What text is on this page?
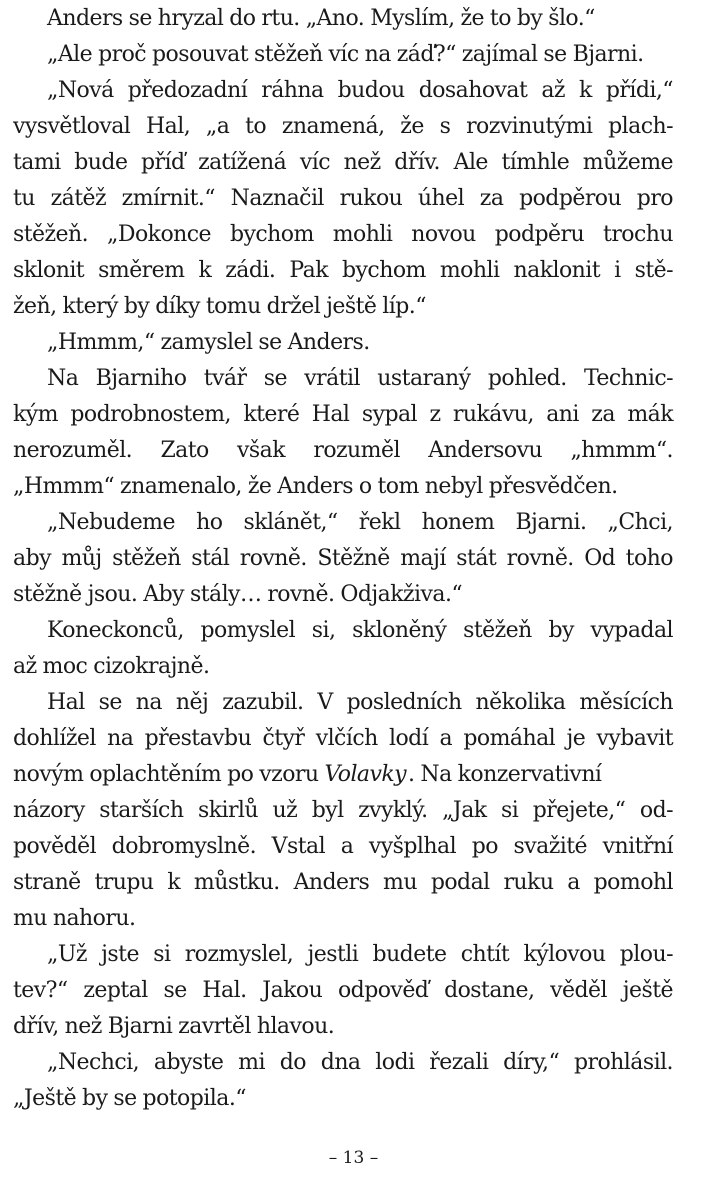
Anders se hryzal do rtu. „Ano. Myslím, že to by šlo.“
„Ale proč posouvat stěžeň víc na záď?“ zajímal se Bjarni.
„Nová předozadní ráhna budou dosahovat až k přídi,“
vysvětloval Hal, „a to znamená, že s rozvinutými plach-
tami bude příď zatížená víc než dřív. Ale tímhle můžeme
tu zátěž zmírnit.“ Naznačil rukou úhel za podpěrou pro
stěžeň. „Dokonce bychom mohli novou podpěru trochu
sklonit směrem k zádi. Pak bychom mohli naklonit i stě-
žeň, který by díky tomu držel ještě líp.“
„Hmmm,“ zamyslel se Anders.
Na Bjarniho tvář se vrátil ustaraný pohled. Technic-
kým podrobnostem, které Hal sypal z rukávu, ani za mák
nerozuměl. Zato však rozuměl Andersovu „hmmm“.
„Hmmm“ znamenalo, že Anders o tom nebyl přesvědčen.
„Nebudeme ho sklánět,“ řekl honem Bjarni. „Chci,
aby můj stěžeň stál rovně. Stěžně mají stát rovně. Od toho
stěžně jsou. Aby stály… rovně. Odjakživa.“
Koneckonců, pomyslel si, skloněný stěžeň by vypadal
až moc cizokrajně.
Hal se na něj zazubil. V posledních několika měsících
dohlížel na přestavbu čtyř vlčích lodí a pomáhal je vybavit
novým oplachtěním po vzoru Volavky . Na konzervativní
názory starších skirlů už byl zvyklý. „Jak si přejete,“ od-
pověděl dobromyslně. Vstal a vyšplhal po svažité vnitřní
straně trupu k můstku. Anders mu podal ruku a pomohl
mu nahoru.
„Už jste si rozmyslel, jestli budete chtít kýlovou plou-
tev?“ zeptal se Hal. Jakou odpověď dostane, věděl ještě
dřív, než Bjarni zavrtěl hlavou.
„Nechci, abyste mi do dna lodi řezali díry,“ prohlásil.
„Ještě by se potopila.“
– 13 –
